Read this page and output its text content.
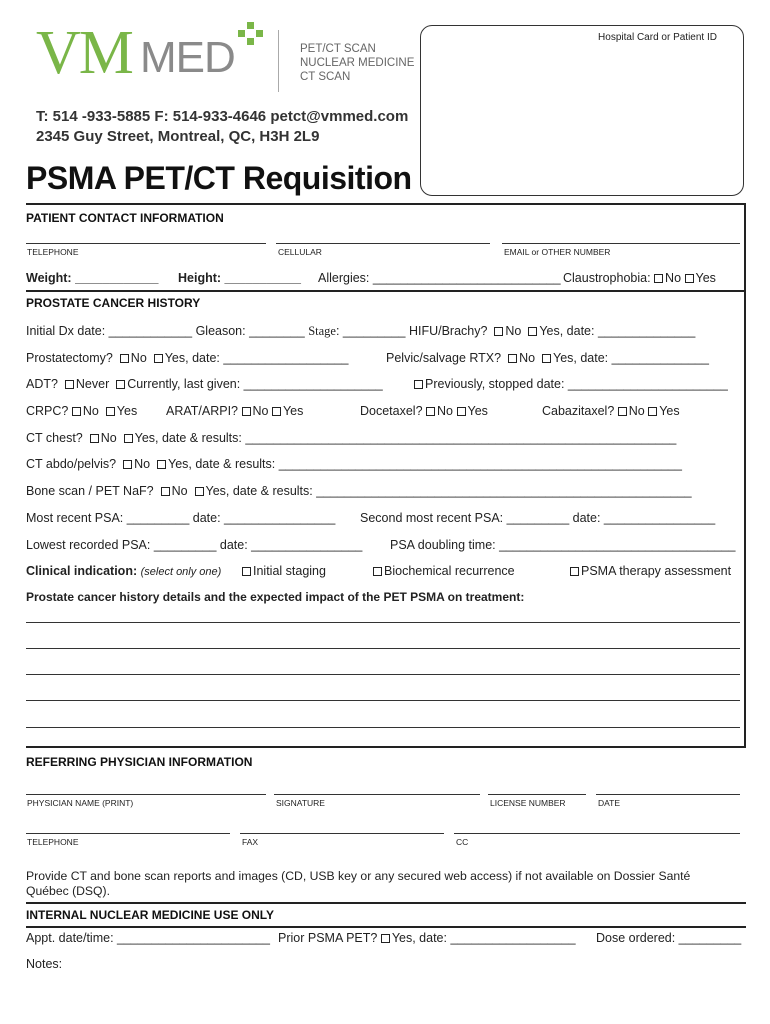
VM MED	PET/CT SCAN
NUCLEAR MEDICINE
CT SCAN
T: 514 -933-5885 F: 514-933-4646 petct@vmmed.com
2345 Guy Street, Montreal, QC, H3H 2L9
PSMA PET/CT Requisition
Hospital Card or Patient ID
PATIENT CONTACT INFORMATION
TELEPHONE	CELLULAR	EMAIL or OTHER NUMBER
Weight: ____________ Height: ___________ Allergies: ___________________________ Claustrophobia: No Yes
PROSTATE CANCER HISTORY
Initial Dx date: ____________ Gleason: ________ Stage: _________ HIFU/Brachy? No Yes, date: ______________
Prostatectomy? No Yes, date: __________________	Pelvic/salvage RTX? No Yes, date: ______________
ADT? Never Currently, last given: ____________________	Previously, stopped date: _______________________
CRPC? No Yes ARAT/ARPI? No Yes	Docetaxel? No Yes	Cabazitaxel? No Yes
CT chest? No Yes, date & results: ______________________________________________________________
CT abdo/pelvis? No Yes, date & results: __________________________________________________________
Bone scan / PET NaF? No Yes, date & results: ______________________________________________________
Most recent PSA: _________ date: ________________ Second most recent PSA: _________ date: ________________
Lowest recorded PSA: _________ date: ________________ PSA doubling time: __________________________________
Clinical indication: (select only one)	Initial staging	Biochemical recurrence	PSMA therapy assessment
Prostate cancer history details and the expected impact of the PET PSMA on treatment:
REFERRING PHYSICIAN INFORMATION
PHYSICIAN NAME (PRINT)	SIGNATURE	LICENSE NUMBER	DATE
TELEPHONE	FAX	CC
Provide CT and bone scan reports and images (CD, USB key or any secured web access) if not available on Dossier Santé
Québec (DSQ).
INTERNAL NUCLEAR MEDICINE USE ONLY
Appt. date/time: ______________________ Prior PSMA PET? Yes, date: __________________ Dose ordered: _________
Notes:
